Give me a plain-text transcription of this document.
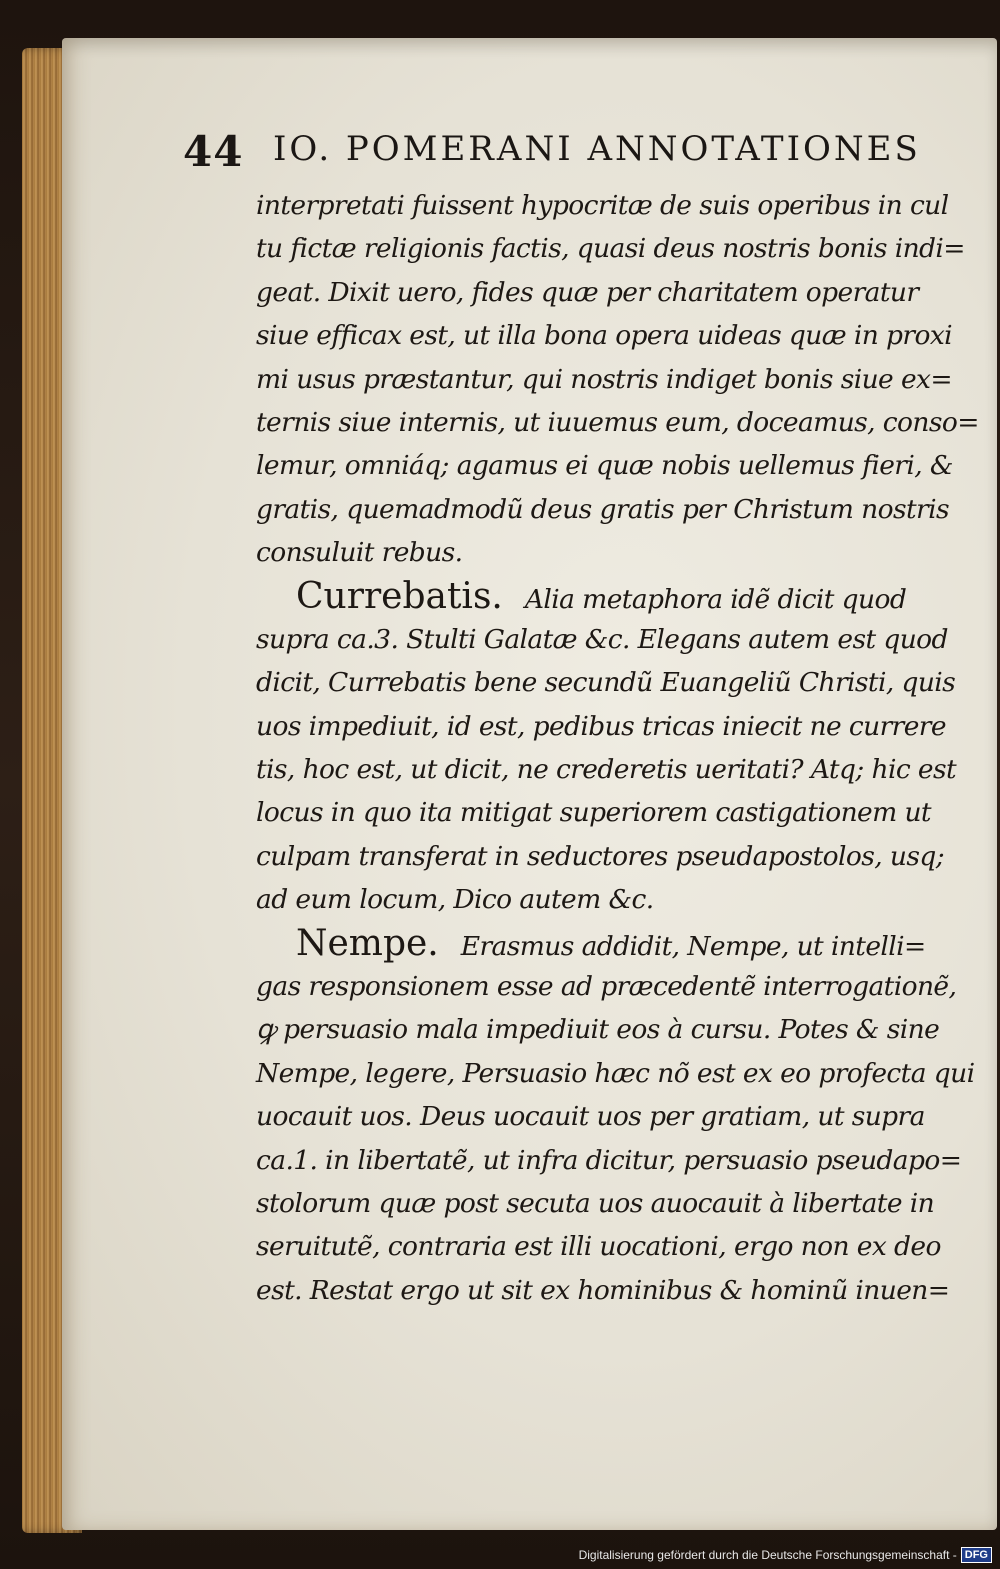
44 IO. POMERANI ANNOTATIONES
interpretati fuissent hypocritæ de suis operibus in cul
tu fictæ religionis factis, quasi deus nostris bonis indi=
geat. Dixit uero, fides quæ per charitatem operatur
siue efficax est, ut illa bona opera uideas quæ in proxi
mi usus præstantur, qui nostris indiget bonis siue ex=
ternis siue internis, ut iuuemus eum, doceamus, conso=
lemur, omniáq; agamus ei quæ nobis uellemus fieri, &
gratis, quemadmodũ deus gratis per Christum nostris
consuluit rebus.
Currebatis. Alia metaphora idẽ dicit quod
supra ca.3. Stulti Galatæ &c. Elegans autem est quod
dicit, Currebatis bene secundũ Euangeliũ Christi, quis
uos impediuit, id est, pedibus tricas iniecit ne currere
tis, hoc est, ut dicit, ne crederetis ueritati? Atq; hic est
locus in quo ita mitigat superiorem castigationem ut
culpam transferat in seductores pseudapostolos, usq;
ad eum locum, Dico autem &c.
Nempe. Erasmus addidit, Nempe, ut intelli=
gas responsionem esse ad præcedentẽ interrogationẽ,
ꝙ persuasio mala impediuit eos à cursu. Potes & sine
Nempe, legere, Persuasio hæc nõ est ex eo profecta qui
uocauit uos. Deus uocauit uos per gratiam, ut supra
ca.1. in libertatẽ, ut infra dicitur, persuasio pseudapo=
stolorum quæ post secuta uos auocauit à libertate in
seruitutẽ, contraria est illi uocationi, ergo non ex deo
est. Restat ergo ut sit ex hominibus & hominũ inuen=
Digitalisierung gefördert durch die Deutsche Forschungsgemeinschaft - DFG
